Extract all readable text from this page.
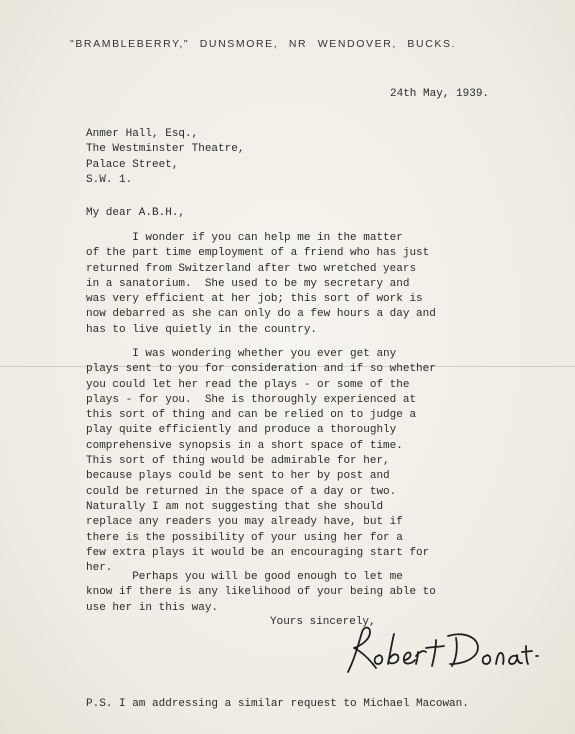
"BRAMBLEBERRY," DUNSMORE, NR WENDOVER, BUCKS.
24th May, 1939.
Anmer Hall, Esq.,
The Westminster Theatre,
Palace Street,
S.W. 1.
My dear A.B.H.,
I wonder if you can help me in the matter
of the part time employment of a friend who has just
returned from Switzerland after two wretched years
in a sanatorium.  She used to be my secretary and
was very efficient at her job; this sort of work is
now debarred as she can only do a few hours a day and
has to live quietly in the country.
I was wondering whether you ever get any
plays sent to you for consideration and if so whether
you could let her read the plays - or some of the
plays - for you.  She is thoroughly experienced at
this sort of thing and can be relied on to judge a
play quite efficiently and produce a thoroughly
comprehensive synopsis in a short space of time.
This sort of thing would be admirable for her,
because plays could be sent to her by post and
could be returned in the space of a day or two.
Naturally I am not suggesting that she should
replace any readers you may already have, but if
there is the possibility of your using her for a
few extra plays it would be an encouraging start for
her.
Perhaps you will be good enough to let me
know if there is any likelihood of your being able to
use her in this way.
Yours sincerely,
P.S. I am addressing a similar request to Michael Macowan.
